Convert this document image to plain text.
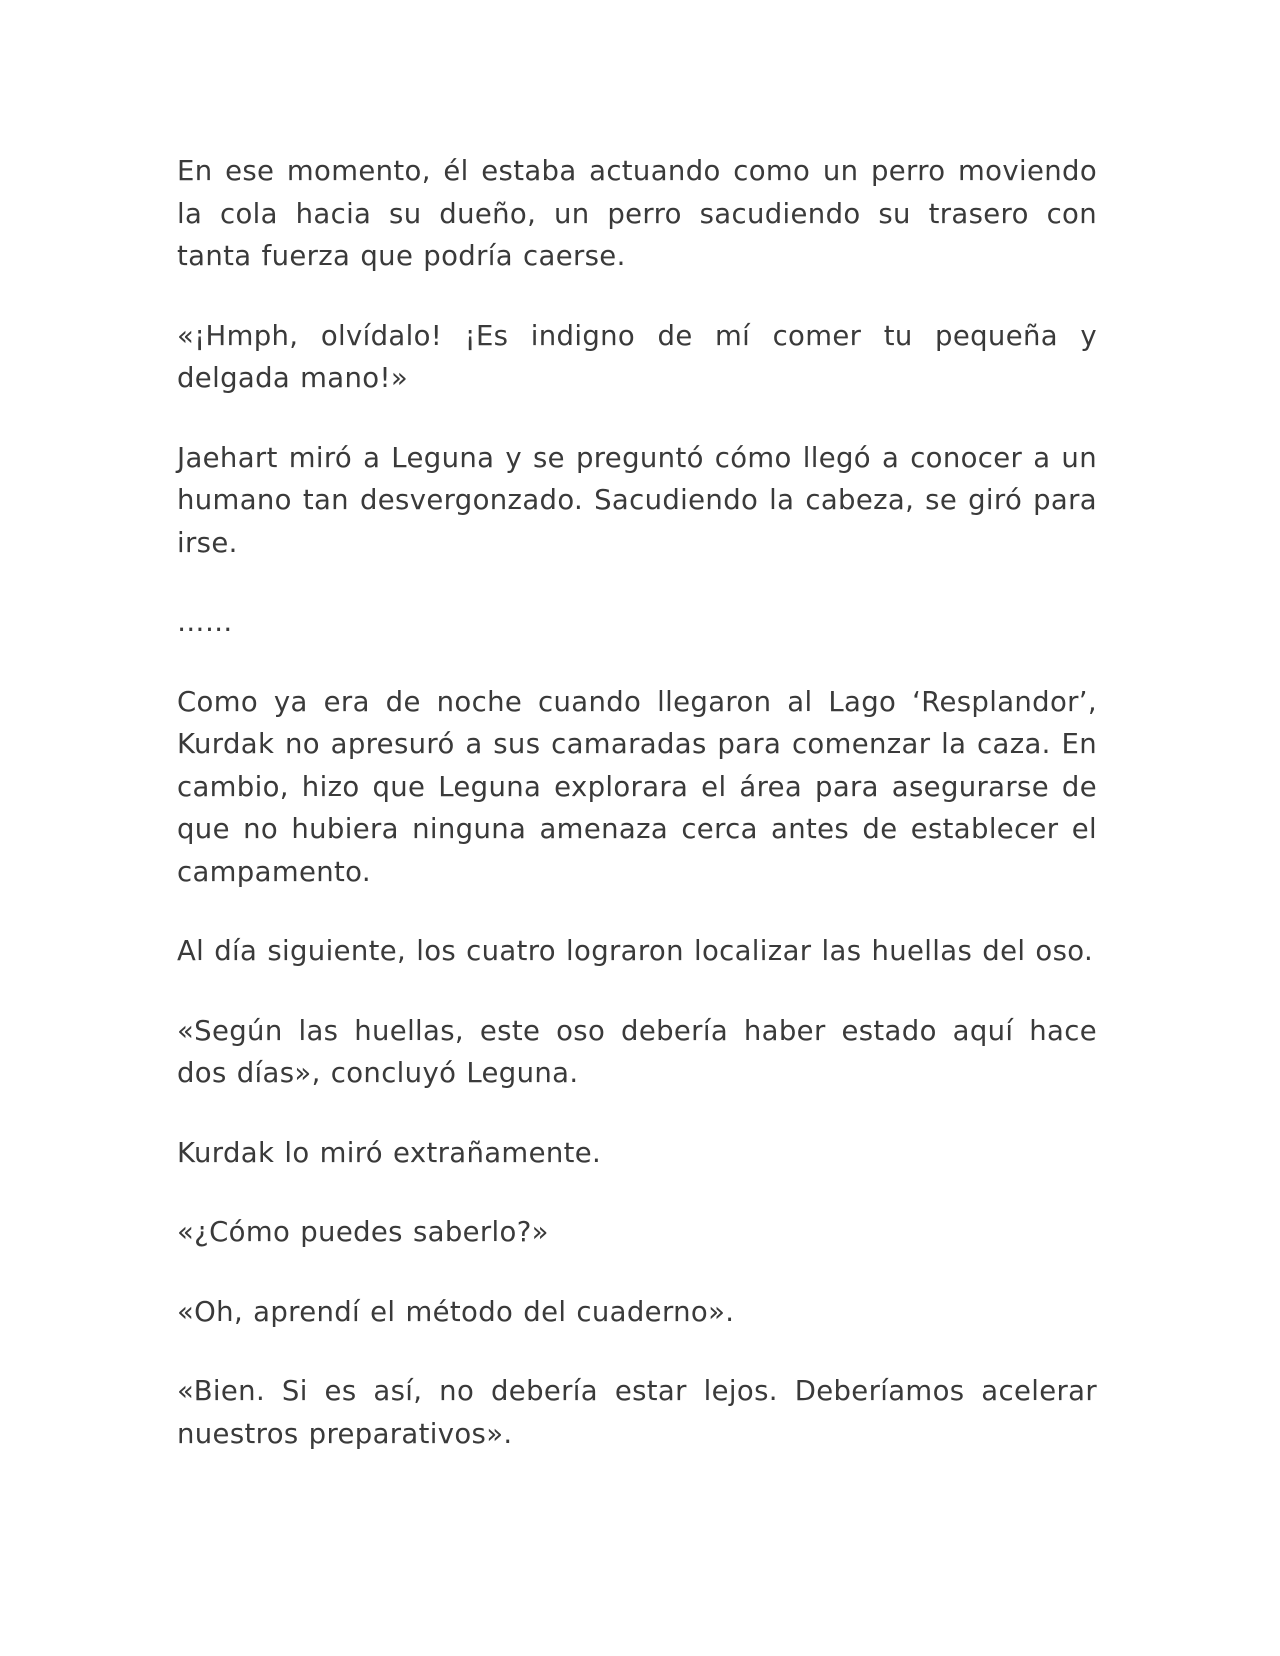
En ese momento, él estaba actuando como un perro moviendo la cola hacia su dueño, un perro sacudiendo su trasero con tanta fuerza que podría caerse.

«¡Hmph, olvídalo! ¡Es indigno de mí comer tu pequeña y delgada mano!»

Jaehart miró a Leguna y se preguntó cómo llegó a conocer a un humano tan desvergonzado. Sacudiendo la cabeza, se giró para irse.

……

Como ya era de noche cuando llegaron al Lago ‘Resplandor’, Kurdak no apresuró a sus camaradas para comenzar la caza. En cambio, hizo que Leguna explorara el área para asegurarse de que no hubiera ninguna amenaza cerca antes de establecer el campamento.

Al día siguiente, los cuatro lograron localizar las huellas del oso.

«Según las huellas, este oso debería haber estado aquí hace dos días», concluyó Leguna.

Kurdak lo miró extrañamente.

«¿Cómo puedes saberlo?»

«Oh, aprendí el método del cuaderno».

«Bien. Si es así, no debería estar lejos. Deberíamos acelerar nuestros preparativos».
